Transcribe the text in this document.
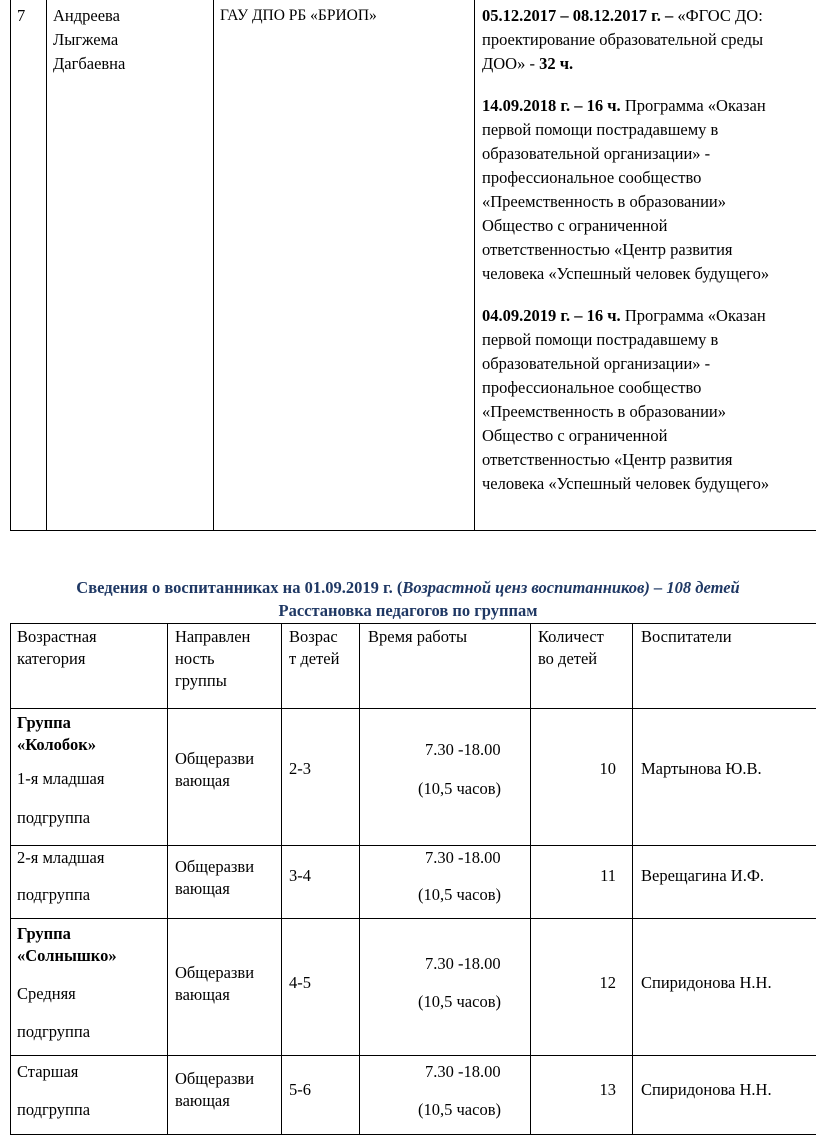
7 Андреева
Лыгжема
Дагбаевна
ГАУ ДПО РБ «БРИОП»	05.12.2017 – 08.12.2017 г. – «ФГОС ДО:
проектирование образовательной среды
ДОО» - 32 ч.
14.09.2018 г. – 16 ч. Программа «Оказан
первой помощи пострадавшему в
образовательной организации» -
профессиональное сообщество
«Преемственность в образовании»
Общество с ограниченной
ответственностью «Центр развития
человека «Успешный человек будущего»
04.09.2019 г. – 16 ч. Программа «Оказан
первой помощи пострадавшему в
образовательной организации» -
профессиональное сообщество
«Преемственность в образовании»
Общество с ограниченной
ответственностью «Центр развития
человека «Успешный человек будущего»
Сведения о воспитанниках на 01.09.2019 г. (Возрастной ценз воспитанников) – 108 детей
Расстановка педагогов по группам
Возрастная
категория
Направлен
ность
группы
Возрас
т детей
Время работы	Количест
во детей
Воспитатели
Группа
«Колобок»
1-я младшая
подгруппа
Общеразви
вающая
2-3
7.30 -18.00
(10,5 часов)
10 Мартынова Ю.В.
2-я младшая
подгруппа
Общеразви
вающая
3-4
7.30 -18.00
(10,5 часов)
11 Верещагина И.Ф.
Группа
«Солнышко»
Средняя
подгруппа
Общеразви
вающая
4-5
7.30 -18.00
(10,5 часов)
12 Спиридонова Н.Н.
Старшая
подгруппа
Общеразви
вающая
5-6
7.30 -18.00
(10,5 часов)
13 Спиридонова Н.Н.
